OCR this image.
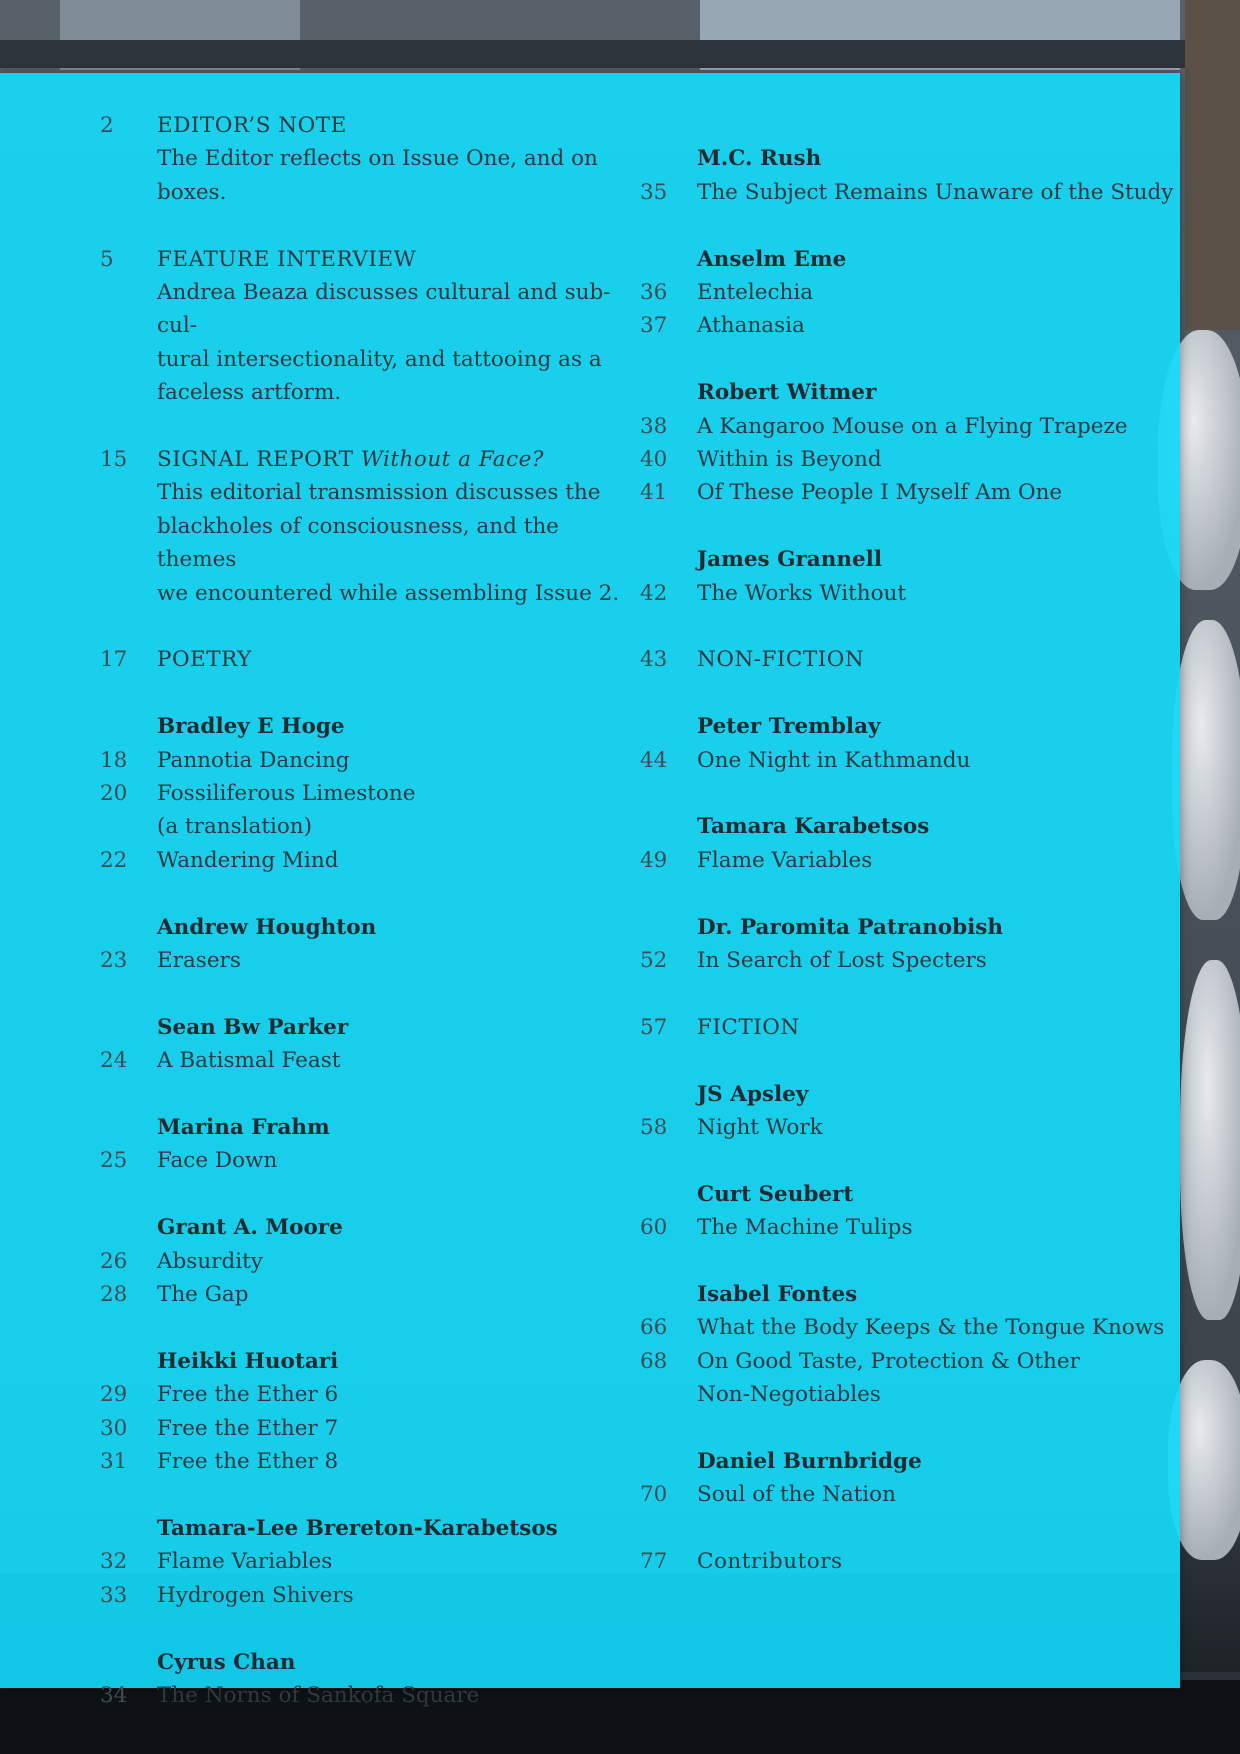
2	EDITOR’S NOTE
The Editor reflects on Issue One, and on
boxes.
5	FEATURE INTERVIEW
Andrea Beaza discusses cultural and sub-cul-
tural intersectionality, and tattooing as a
faceless artform.
15	SIGNAL REPORT Without a Face?
This editorial transmission discusses the
blackholes of consciousness, and the themes
we encountered while assembling Issue 2.
17	POETRY
Bradley E Hoge
18	Pannotia Dancing
20	Fossiliferous Limestone
(a translation)
22	Wandering Mind
Andrew Houghton
23	Erasers
Sean Bw Parker
24	A Batismal Feast
Marina Frahm
25	Face Down
Grant A. Moore
26	Absurdity
28	The Gap
Heikki Huotari
29	Free the Ether 6
30	Free the Ether 7
31	Free the Ether 8
Tamara-Lee Brereton-Karabetsos
32	Flame Variables
33	Hydrogen Shivers
Cyrus Chan
34	The Norns of Sankofa Square
M.C. Rush
35	The Subject Remains Unaware of the Study
Anselm Eme
36	Entelechia
37	Athanasia
Robert Witmer
38	A Kangaroo Mouse on a Flying Trapeze
40	Within is Beyond
41	Of These People I Myself Am One
James Grannell
42	The Works Without
43	NON-FICTION
Peter Tremblay
44	One Night in Kathmandu
Tamara Karabetsos
49	Flame Variables
Dr. Paromita Patranobish
52	In Search of Lost Specters
57	FICTION
JS Apsley
58	Night Work
Curt Seubert
60	The Machine Tulips
Isabel Fontes
66	What the Body Keeps & the Tongue Knows
68	On Good Taste, Protection & Other
Non-Negotiables
Daniel Burnbridge
70	Soul of the Nation
77	Contributors
